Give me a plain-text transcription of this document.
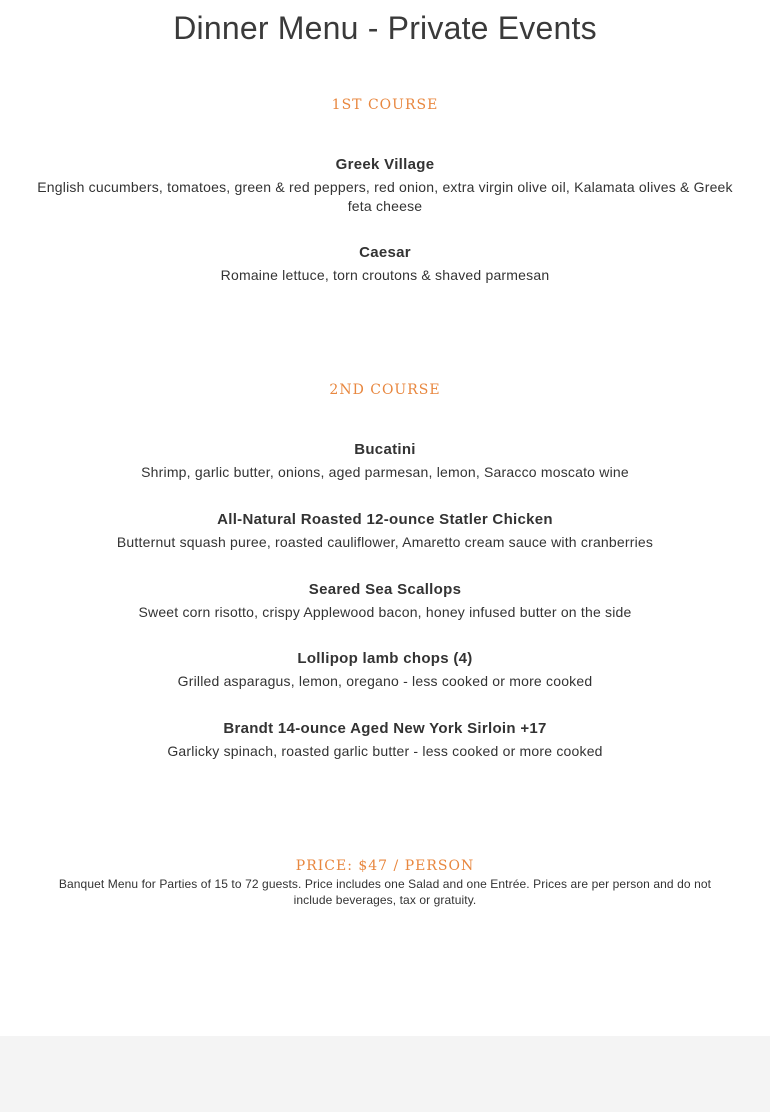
Dinner Menu - Private Events
1ST COURSE
Greek Village
English cucumbers, tomatoes, green & red peppers, red onion, extra virgin olive oil, Kalamata olives & Greek feta cheese
Caesar
Romaine lettuce, torn croutons & shaved parmesan
2ND COURSE
Bucatini
Shrimp, garlic butter, onions, aged parmesan, lemon, Saracco moscato wine
All-Natural Roasted 12-ounce Statler Chicken
Butternut squash puree, roasted cauliflower, Amaretto cream sauce with cranberries
Seared Sea Scallops
Sweet corn risotto, crispy Applewood bacon, honey infused butter on the side
Lollipop lamb chops (4)
Grilled asparagus, lemon, oregano - less cooked or more cooked
Brandt 14-ounce Aged New York Sirloin +17
Garlicky spinach, roasted garlic butter - less cooked or more cooked
PRICE: $47 / PERSON
Banquet Menu for Parties of 15 to 72 guests. Price includes one Salad and one Entrée. Prices are per person and do not include beverages, tax or gratuity.
